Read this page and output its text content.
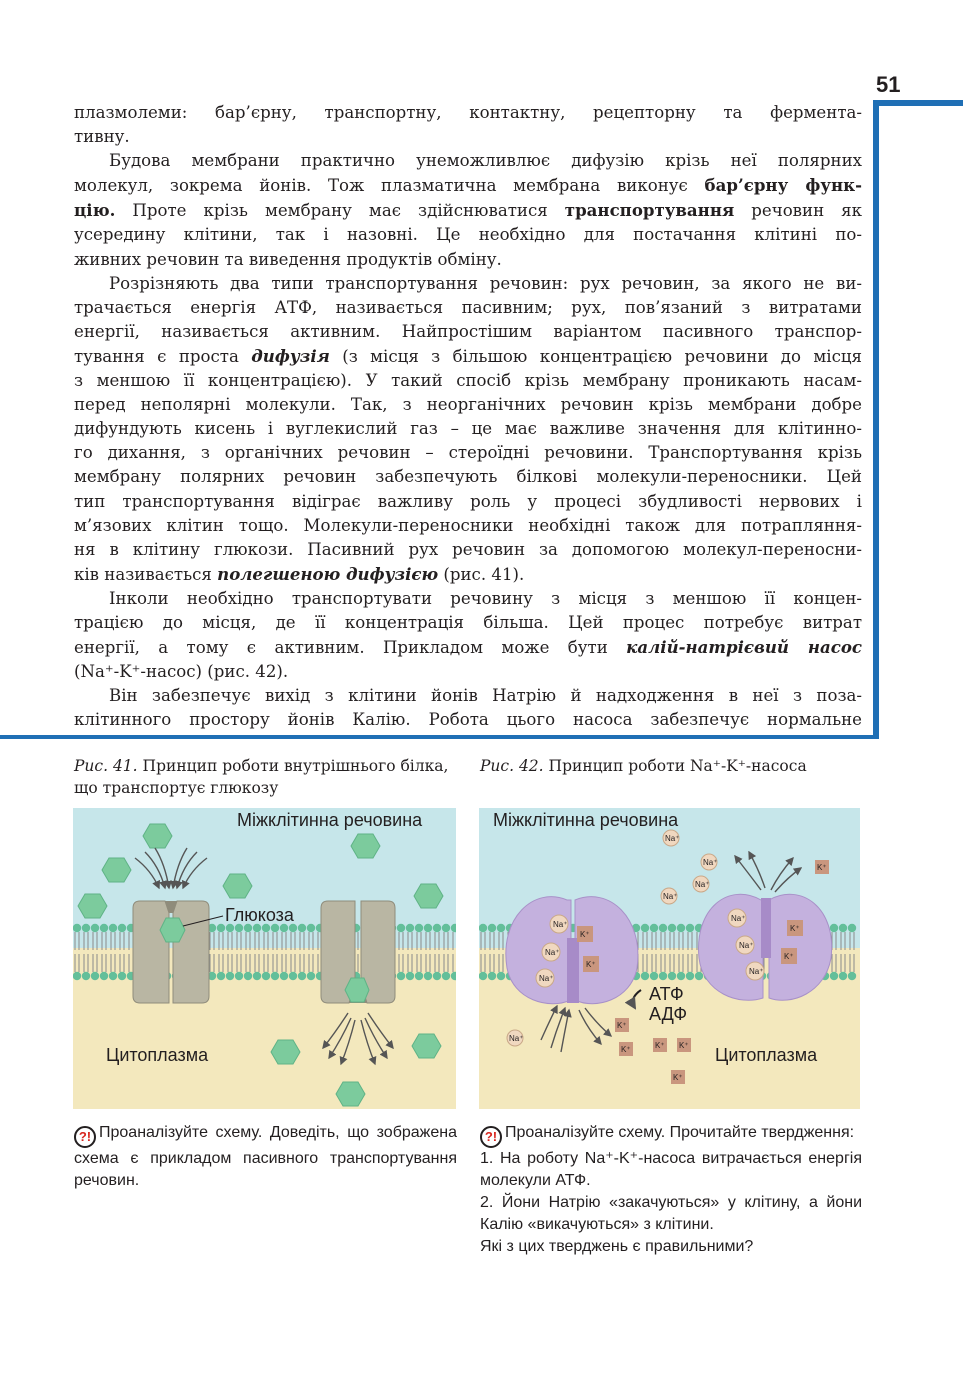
51
плазмолеми: бар’єрну, транспортну, контактну, рецепторну та фермента-
тивну.
Будова мембрани практично унеможливлює дифузію крізь неї полярних
молекул, зокрема йонів. Тож плазматична мембрана виконує бар’єрну функ-
цію. Проте крізь мембрану має здійснюватися транспортування речовин як
усередину клітини, так і назовні. Це необхідно для постачання клітині по-
живних речовин та виведення продуктів обміну.
Розрізняють два типи транспортування речовин: рух речовин, за якого не ви-
трачається енергія АТФ, називається пасивним; рух, пов’язаний з витратами
енергії, називається активним. Найпростішим варіантом пасивного транспор-
тування є проста дифузія (з місця з більшою концентрацією речовини до місця
з меншою її концентрацією). У такий спосіб крізь мембрану проникають насам-
перед неполярні молекули. Так, з неорганічних речовин крізь мембрани добре
дифундують кисень і вуглекислий газ – це має важливе значення для клітинно-
го дихання, з органічних речовин – стероїдні речовини. Транспортування крізь
мембрану полярних речовин забезпечують білкові молекули-переносники. Цей
тип транспортування відіграє важливу роль у процесі збудливості нервових і
м’язових клітин тощо. Молекули-переносники необхідні також для потрапляння-
ня в клітину глюкози. Пасивний рух речовин за допомогою молекул-переносни-
ків називається полегшеною дифузією (рис. 41).
Інколи необхідно транспортувати речовину з місця з меншою її концен-
трацією до місця, де її концентрація більша. Цей процес потребує витрат
енергії, а тому є активним. Прикладом може бути калій-натрієвий насос
(Na⁺-K⁺-насос) (рис. 42).
Він забезпечує вихід з клітини йонів Натрію й надходження в неї з поза-
клітинного простору йонів Калію. Робота цього насоса забезпечує нормальне
Рис. 41. Принцип роботи внутрішнього білка, що транспортує глюкозу
Рис. 42. Принцип роботи Na⁺-K⁺-насоса
Міжклітинна речовина
Глюкоза
Цитоплазма
Na⁺
Na⁺
Na⁺
Na⁺
Na⁺
Na⁺
Na⁺
Na⁺
Na⁺
Na⁺
Na⁺
K⁺
K⁺
K⁺
K⁺
K⁺
K⁺
K⁺	K⁺ K⁺
K⁺
Міжклітинна речовина
АТФ
АДФ
Цитоплазма
?! Проаналізуйте схему. Доведіть, що зображена схема є прикладом пасивного транспортування речовин.

?! Проаналізуйте схему. Прочитайте твердження:

1. На роботу Na⁺-K⁺-насоса витрачається енергія молекули АТФ.

2. Йони Натрію «закачуються» у клітину, а йони Калію «викачуються» з клітини.

Які з цих тверджень є правильними?
